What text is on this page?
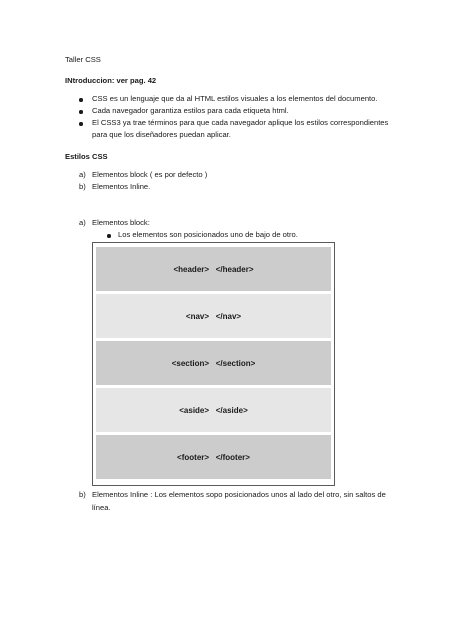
Taller CSS
INtroduccion: ver pag. 42
CSS es un lenguaje que da al HTML estilos visuales a los elementos del documento.
Cada navegador garantiza estilos para cada etiqueta html.
El CSS3 ya trae términos para que cada navegador aplique los estilos correspondientes
para que los diseñadores puedan aplicar.
Estilos CSS
a) Elementos block ( es por defecto )
b) Elementos Inline.
a) Elementos block:
Los elementos son posicionados uno de bajo de otro.
<header>   </header>
<nav>   </nav>
<section>   </section>
<aside>   </aside>
<footer>   </footer>
b) Elementos Inline : Los elementos sopo posicionados unos al lado del otro, sin saltos de
línea.
